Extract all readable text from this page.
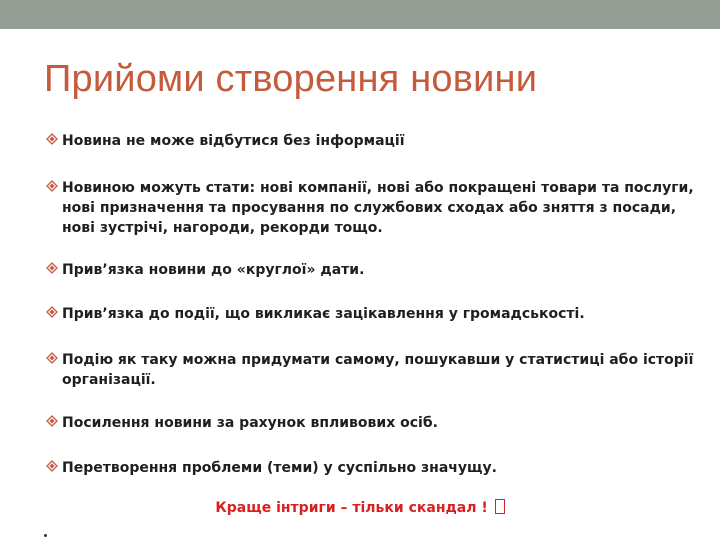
Прийоми створення новини
Новина не може відбутися без інформації
Новиною можуть стати: нові компанії, нові або покращені товари та послуги, нові призначення та просування по службових сходах або зняття з посади, нові зустрічі, нагороди, рекорди тощо.
Прив’язка новини до «круглої» дати.
Прив’язка до події, що викликає зацікавлення у громадськості.
Подію як таку можна придумати самому, пошукавши у статистиці або історії організації.
Посилення новини за рахунок впливових осіб.
Перетворення проблеми (теми) у суспільно значущу.
Краще інтриги – тільки скандал !
